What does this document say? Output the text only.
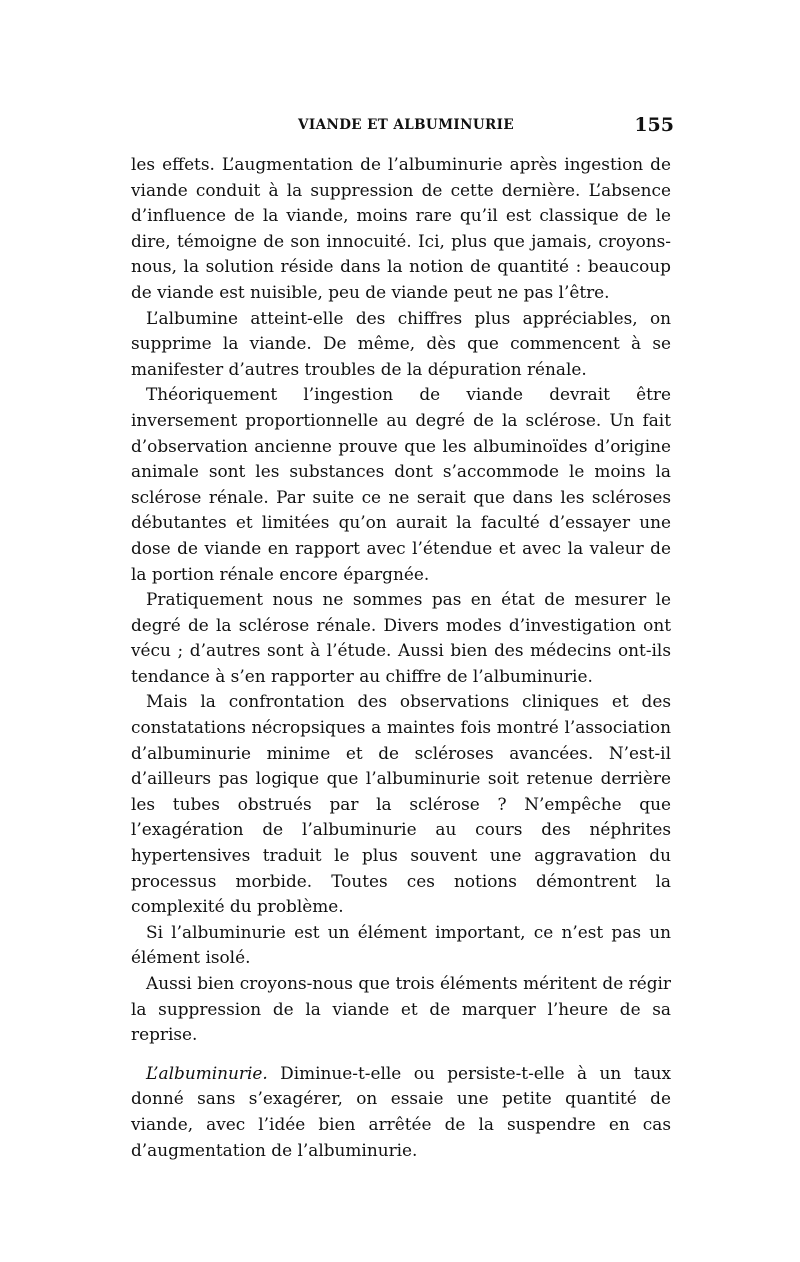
VIANDE ET ALBUMINURIE	155

les effets. L’augmentation de l’albuminurie après ingestion de viande conduit à la suppression de cette dernière. L’absence d’influence de la viande, moins rare qu’il est classique de le dire, témoigne de son innocuité. Ici, plus que jamais, croyons-nous, la solution réside dans la notion de quantité : beaucoup de viande est nuisible, peu de viande peut ne pas l’être.

L’albumine atteint-elle des chiffres plus appréciables, on supprime la viande. De même, dès que commencent à se manifester d’autres troubles de la dépuration rénale.

Théoriquement l’ingestion de viande devrait être inversement proportionnelle au degré de la sclérose. Un fait d’observation ancienne prouve que les albuminoïdes d’origine animale sont les substances dont s’accommode le moins la sclérose rénale. Par suite ce ne serait que dans les scléroses débutantes et limitées qu’on aurait la faculté d’essayer une dose de viande en rapport avec l’étendue et avec la valeur de la portion rénale encore épargnée.

Pratiquement nous ne sommes pas en état de mesurer le degré de la sclérose rénale. Divers modes d’investigation ont vécu ; d’autres sont à l’étude. Aussi bien des médecins ont-ils tendance à s’en rapporter au chiffre de l’albuminurie.

Mais la confrontation des observations cliniques et des constatations nécropsiques a maintes fois montré l’association d’albuminurie minime et de scléroses avancées. N’est-il d’ailleurs pas logique que l’albuminurie soit retenue derrière les tubes obstrués par la sclérose ? N’empêche que l’exagération de l’albuminurie au cours des néphrites hypertensives traduit le plus souvent une aggravation du processus morbide. Toutes ces notions démontrent la complexité du problème.

Si l’albuminurie est un élément important, ce n’est pas un élément isolé.

Aussi bien croyons-nous que trois éléments méritent de régir la suppression de la viande et de marquer l’heure de sa reprise.

L’albuminurie. Diminue-t-elle ou persiste-t-elle à un taux donné sans s’exagérer, on essaie une petite quantité de viande, avec l’idée bien arrêtée de la suspendre en cas d’augmentation de l’albuminurie.
